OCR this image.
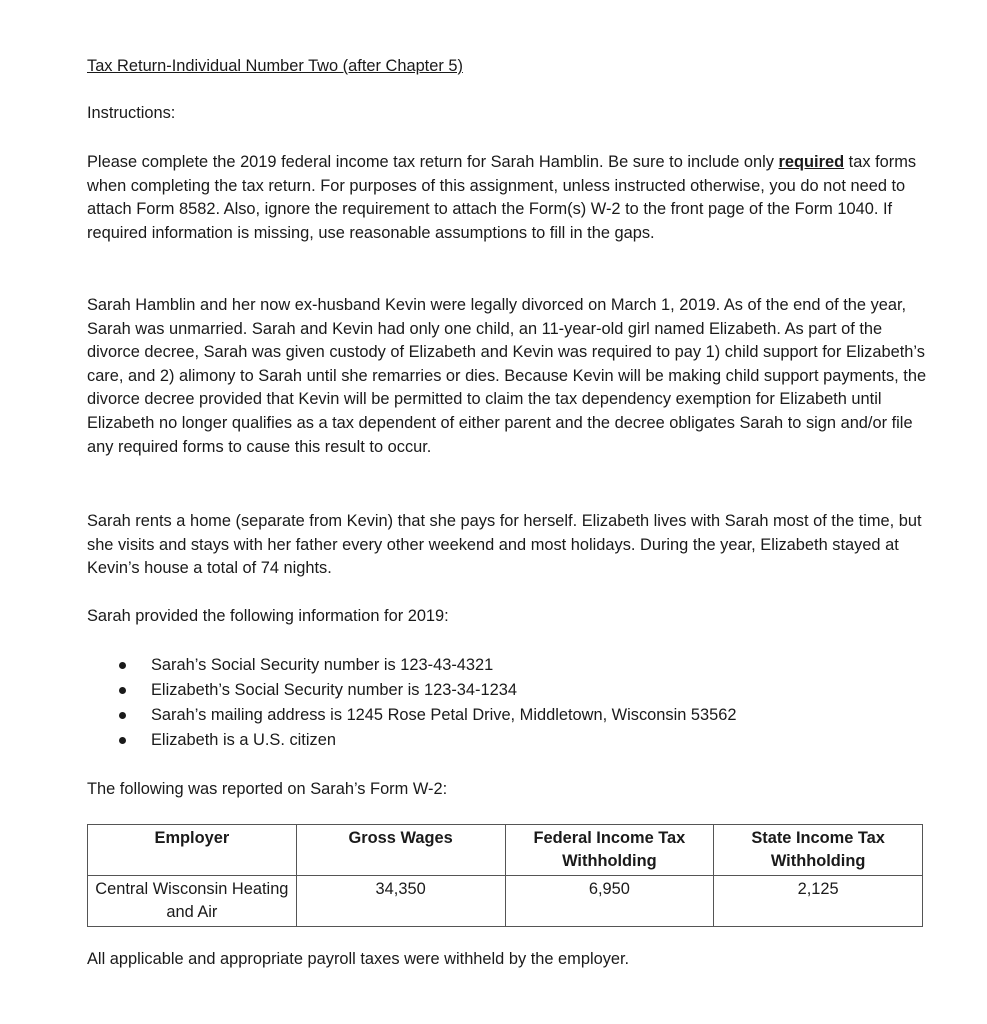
Tax Return-Individual Number Two (after Chapter 5)
Instructions:

Please complete the 2019 federal income tax return for Sarah Hamblin. Be sure to include only required tax forms when completing the tax return. For purposes of this assignment, unless instructed otherwise, you do not need to attach Form 8582. Also, ignore the requirement to attach the Form(s) W-2 to the front page of the Form 1040. If required information is missing, use reasonable assumptions to fill in the gaps.

Sarah Hamblin and her now ex-husband Kevin were legally divorced on March 1, 2019. As of the end of the year, Sarah was unmarried. Sarah and Kevin had only one child, an 11-year-old girl named Elizabeth. As part of the divorce decree, Sarah was given custody of Elizabeth and Kevin was required to pay 1) child support for Elizabeth’s care, and 2) alimony to Sarah until she remarries or dies. Because Kevin will be making child support payments, the divorce decree provided that Kevin will be permitted to claim the tax dependency exemption for Elizabeth until Elizabeth no longer qualifies as a tax dependent of either parent and the decree obligates Sarah to sign and/or file any required forms to cause this result to occur.

Sarah rents a home (separate from Kevin) that she pays for herself. Elizabeth lives with Sarah most of the time, but she visits and stays with her father every other weekend and most holidays. During the year, Elizabeth stayed at Kevin’s house a total of 74 nights.

Sarah provided the following information for 2019:
Sarah’s Social Security number is 123-43-4321
Elizabeth’s Social Security number is 123-34-1234
Sarah’s mailing address is 1245 Rose Petal Drive, Middletown, Wisconsin 53562
Elizabeth is a U.S. citizen
The following was reported on Sarah’s Form W-2:
Employer	Gross Wages	Federal Income Tax Withholding	State Income Tax Withholding
Central Wisconsin Heating and Air	34,350	6,950	2,125
All applicable and appropriate payroll taxes were withheld by the employer.
